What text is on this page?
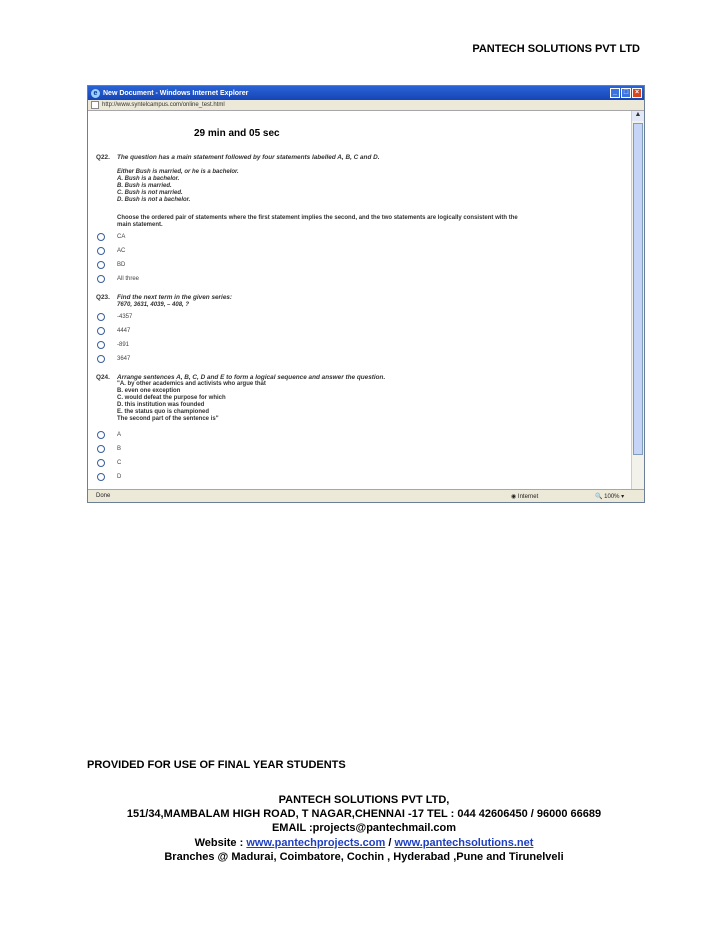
PANTECH SOLUTIONS PVT LTD
e New Document - Windows Internet Explorer	_ □ ×
http://www.syntelcampus.com/online_test.html
29 min and 05 sec
Q22. The question has a main statement followed by four statements labelled A, B, C and D.
Either Bush is married, or he is a bachelor.
A. Bush is a bachelor.
B. Bush is married.
C. Bush is not married.
D. Bush is not a bachelor.
Choose the ordered pair of statements where the first statement implies the second, and the two statements are logically consistent with the
main statement.
CA
AC
BD
All three
Q23. Find the next term in the given series:
7670, 3631, 4039, – 408, ?
-4357
4447
-891
3647
Q24. Arrange sentences A, B, C, D and E to form a logical sequence and answer the question.
"A. by other academics and activists who argue that
B. even one exception
C. would defeat the purpose for which
D. this institution was founded
E. the status quo is championed
The second part of the sentence is"
A
B
C
D
▲
Done	◉ Internet	🔍 100% ▾
PROVIDED FOR USE OF FINAL YEAR STUDENTS
PANTECH SOLUTIONS PVT LTD,
151/34,MAMBALAM HIGH ROAD, T NAGAR,CHENNAI -17 TEL : 044 42606450 / 96000 66689
EMAIL :projects@pantechmail.com
Website : www.pantechprojects.com / www.pantechsolutions.net
Branches @ Madurai, Coimbatore, Cochin , Hyderabad ,Pune and Tirunelveli
